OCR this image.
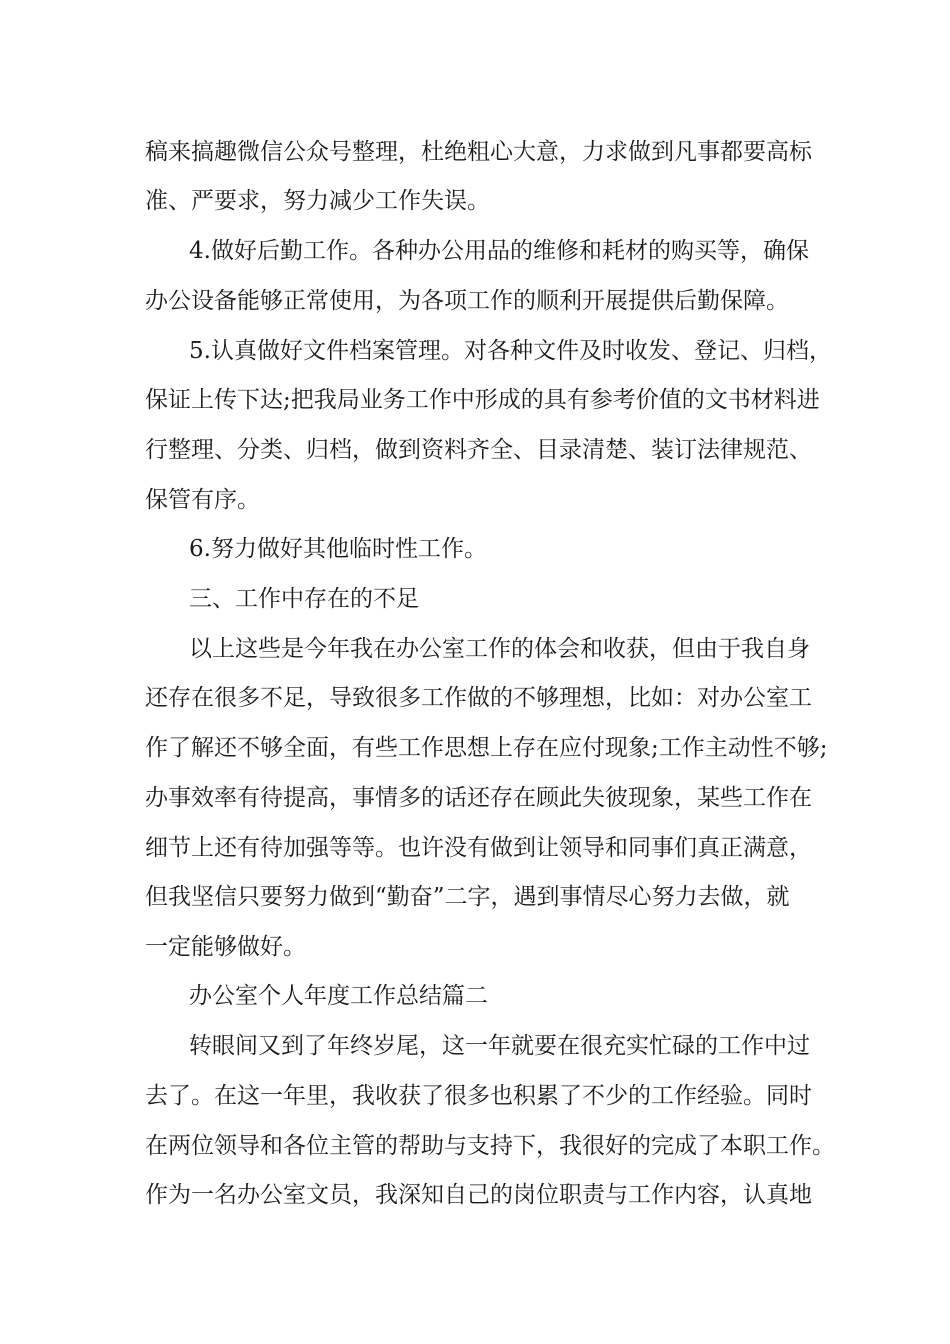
稿来搞趣微信公众号整理，杜绝粗心大意，力求做到凡事都要高标

准、严要求，努力减少工作失误。

4.做好后勤工作。各种办公用品的维修和耗材的购买等，确保

办公设备能够正常使用，为各项工作的顺利开展提供后勤保障。

5.认真做好文件档案管理。对各种文件及时收发、登记、归档，

保证上传下达;把我局业务工作中形成的具有参考价值的文书材料进

行整理、分类、归档，做到资料齐全、目录清楚、装订法律规范、

保管有序。

6.努力做好其他临时性工作。

三、工作中存在的不足

以上这些是今年我在办公室工作的体会和收获，但由于我自身

还存在很多不足，导致很多工作做的不够理想，比如：对办公室工

作了解还不够全面，有些工作思想上存在应付现象;工作主动性不够;

办事效率有待提高，事情多的话还存在顾此失彼现象，某些工作在

细节上还有待加强等等。也许没有做到让领导和同事们真正满意，

但我坚信只要努力做到“勤奋”二字，遇到事情尽心努力去做，就

一定能够做好。

办公室个人年度工作总结篇二

转眼间又到了年终岁尾，这一年就要在很充实忙碌的工作中过

去了。在这一年里，我收获了很多也积累了不少的工作经验。同时

在两位领导和各位主管的帮助与支持下，我很好的完成了本职工作。

作为一名办公室文员，我深知自己的岗位职责与工作内容，认真地
